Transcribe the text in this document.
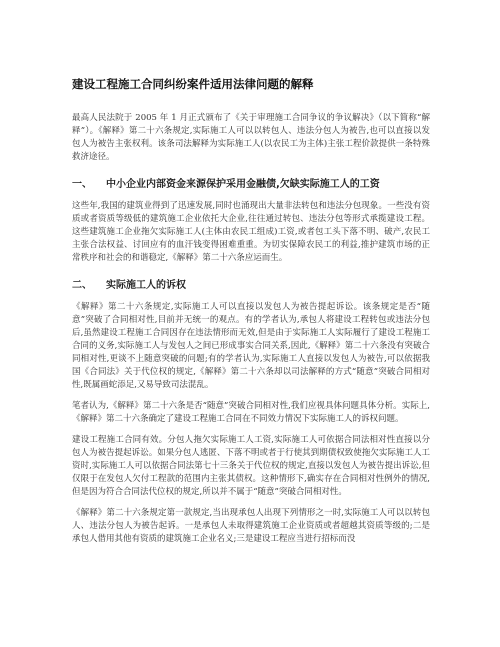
建设工程施工合同纠纷案件适用法律问题的解释

最高人民法院于 2005 年 1 月正式颁布了《关于审理施工合同争议的争议解决》（以下简称“解释”）。《解释》第二十六条规定,实际施工人可以以转包人、违法分包人为被告,也可以直接以发包人为被告主张权利。该条司法解释为实际施工人(以农民工为主体)主张工程价款提供一条特殊救济途径。

一、 中小企业内部资金来源保护采用金融债,欠缺实际施工人的工资

这些年,我国的建筑业得到了迅速发展,同时也涌现出大量非法转包和违法分包现象。一些没有资质或者资质等级低的建筑施工企业依托大企业,往往通过转包、违法分包等形式承揽建设工程。这些建筑施工企业拖欠实际施工人(主体由农民工组成)工资,或者包工头下落不明、破产,农民工主张合法权益、讨回应有的血汗钱变得困难重重。为切实保障农民工的利益,推护建筑市场的正常秩序和社会的和谐稳定,《解释》第二十六条应运而生。

二、 实际施工人的诉权

《解释》第二十六条规定,实际施工人可以直接以发包人为被告提起诉讼。该条规定是否“随意”突破了合同相对性,目前并无统一的观点。有的学者认为,承包人将建设工程转包或违法分包后,虽然建设工程施工合同因存在违法情形而无效,但是由于实际施工人实际履行了建设工程施工合同的义务,实际施工人与发包人之间已形成事实合同关系,因此,《解释》第二十六条没有突破合同相对性,更谈不上随意突破的问题;有的学者认为,实际施工人直接以发包人为被告,可以依据我国《合同法》关于代位权的规定,《解释》第二十六条却以司法解释的方式“随意”突破合同相对性,既属画蛇添足,又易导致司法混乱。

笔者认为,《解释》第二十六条是否“随意”突破合同相对性,我们应视具体问题具体分析。实际上,《解释》第二十六条确定了建设工程施工合同在不同效力情况下实际施工人的诉权问题。

建设工程施工合同有效。分包人拖欠实际施工人工资,实际施工人可依据合同法相对性直接以分包人为被告提起诉讼。如果分包人逃匿、下落不明或者于行使其到期债权致使拖欠实际施工人工资时,实际施工人可以依据合同法第七十三条关于代位权的规定,直接以发包人为被告提出诉讼,但仅限于在发包人欠付工程款的范围内主张其债权。这种情形下,确实存在合同相对性例外的情况,但是因为符合合同法代位权的规定,所以并不属于“随意”突破合同相对性。

《解释》第二十六条规定第一款规定,当出现承包人出现下列情形之一时,实际施工人可以以转包人、违法分包人为被告起诉。一是承包人未取得建筑施工企业资质或者超越其资质等级的;二是承包人借用其他有资质的建筑施工企业名义;三是建设工程应当进行招标而没
